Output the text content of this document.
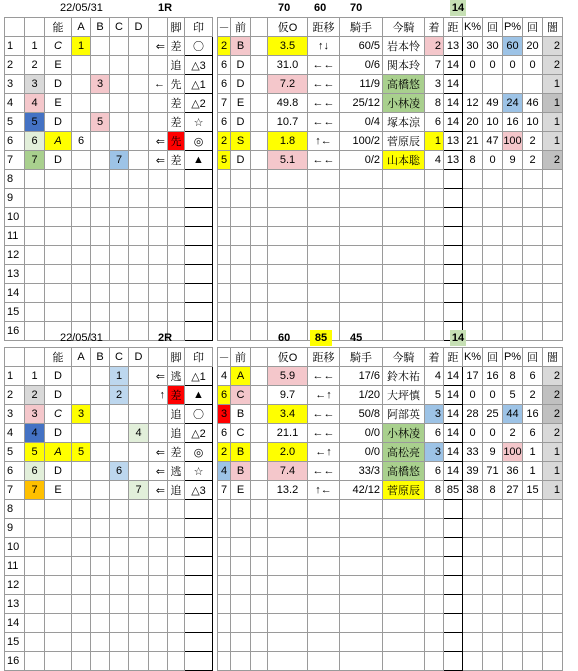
22/05/31	1R	70 60 70	14
		能	A	B	C	D		脚	印		－	前		仮O	距移	騎手	今騎	着	距	K%	回	P%	回	闇
1	1	C	1				⇐	差	〇		2	B		3.5	↑↓	60/5	岩本怜	2	13	30	30	60	20	2
2	2	E						追	△3		6	D		31.0	←←	0/6	関本玲	7	14	0	0	0	0	2
3	3	D		3			←	先	△1		6	D		7.2	←←	11/9	高橋悠	3	14					1
4	4	E						差	△2		7	E		49.8	←←	25/12	小林凌	8	14	12	49	24	46	1
5	5	D		5				差	☆		6	D		10.7	←←	0/4	塚本涼	6	14	20	10	16	10	1
6	6	A	6				⇐	先	◎		2	S		1.8	↑←	100/2	菅原辰	1	13	21	47	100	2	1
7	7	D			7		⇐	差	▲		5	D		5.1	←←	0/2	山本聡	4	13	8	0	9	2	2
8																								
9																								
10																								
11																								
12																								
13																								
14																								
15																								
16																								
22/05/31	2R	60	85	45	14
		能	A	B	C	D		脚	印		－	前		仮O	距移	騎手	今騎	着	距	K%	回	P%	回	闇
1	1	D			1		⇐	逃	△1		4	A		5.9	←←	17/6	鈴木祐	4	14	17	16	8	6	2
2	2	D			2		↑	差	▲		6	C		9.7	←↑	1/20	大坪慎	5	14	0	0	5	2	2
3	3	C	3					追	〇		3	B		3.4	←←	50/8	阿部英	3	14	28	25	44	16	2
4	4	D				4		追	△2		6	C		21.1	←←	0/0	小林凌	6	14	0	0	2	6	2
5	5	A	5				⇐	差	◎		2	B		2.0	←↑	0/0	高松亮	3	14	33	9	100	1	1
6	6	D			6		⇐	逃	☆		4	B		7.4	←←	33/3	高橋悠	6	14	39	71	36	1	1
7	7	E				7	⇐	追	△3		7	E		13.2	↑←	42/12	菅原辰	8	85	38	8	27	15	1
8																								
9																								
10																								
11																								
12																								
13																								
14																								
15																								
16																								
